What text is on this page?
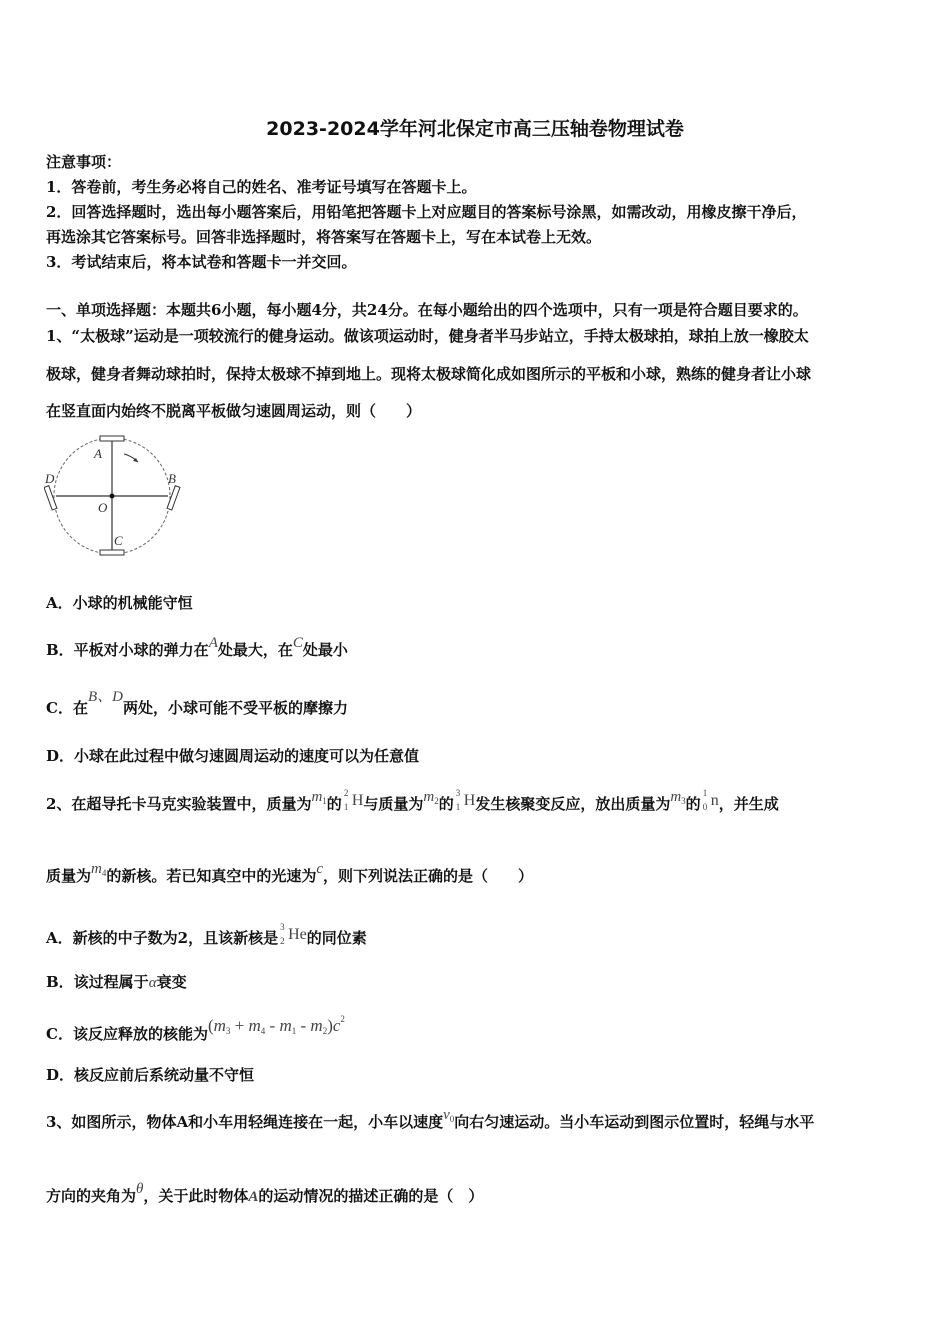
2023-2024学年河北保定市高三压轴卷物理试卷
注意事项：
1．答卷前，考生务必将自己的姓名、准考证号填写在答题卡上。
2．回答选择题时，选出每小题答案后，用铅笔把答题卡上对应题目的答案标号涂黑，如需改动，用橡皮擦干净后，
再选涂其它答案标号。回答非选择题时，将答案写在答题卡上，写在本试卷上无效。
3．考试结束后，将本试卷和答题卡一并交回。
一、单项选择题：本题共6小题，每小题4分，共24分。在每小题给出的四个选项中，只有一项是符合题目要求的。
1、“太极球”运动是一项较流行的健身运动。做该项运动时，健身者半马步站立，手持太极球拍，球拍上放一橡胶太
极球，健身者舞动球拍时，保持太极球不掉到地上。现将太极球简化成如图所示的平板和小球，熟练的健身者让小球
在竖直面内始终不脱离平板做匀速圆周运动，则（　　）
A
B
C
D
O
A．小球的机械能守恒
B．平板对小球的弹力在A处最大，在C处最小
C．在B、D两处，小球可能不受平板的摩擦力
D．小球在此过程中做匀速圆周运动的速度可以为任意值
2、在超导托卡马克实验装置中，质量为$m_1$的
2
1 H与质量为$m_2$的
3
1 H发生核聚变反应，放出质量为$m_3$的
1
0 n，并生成
质量为$m_4$的新核。若已知真空中的光速为c，则下列说法正确的是（　　）
A．新核的中子数为2，且该新核是
3
2 He的同位素
B．该过程属于α衰变
C．该反应释放的核能为$(m_3 + m_4 - m_1 - m_2)c^2$
D．核反应前后系统动量不守恒
3、如图所示，物体A和小车用轻绳连接在一起，小车以速度$v_0$向右匀速运动。当小车运动到图示位置时，轻绳与水平
方向的夹角为θ，关于此时物体A的运动情况的描述正确的是（　）
